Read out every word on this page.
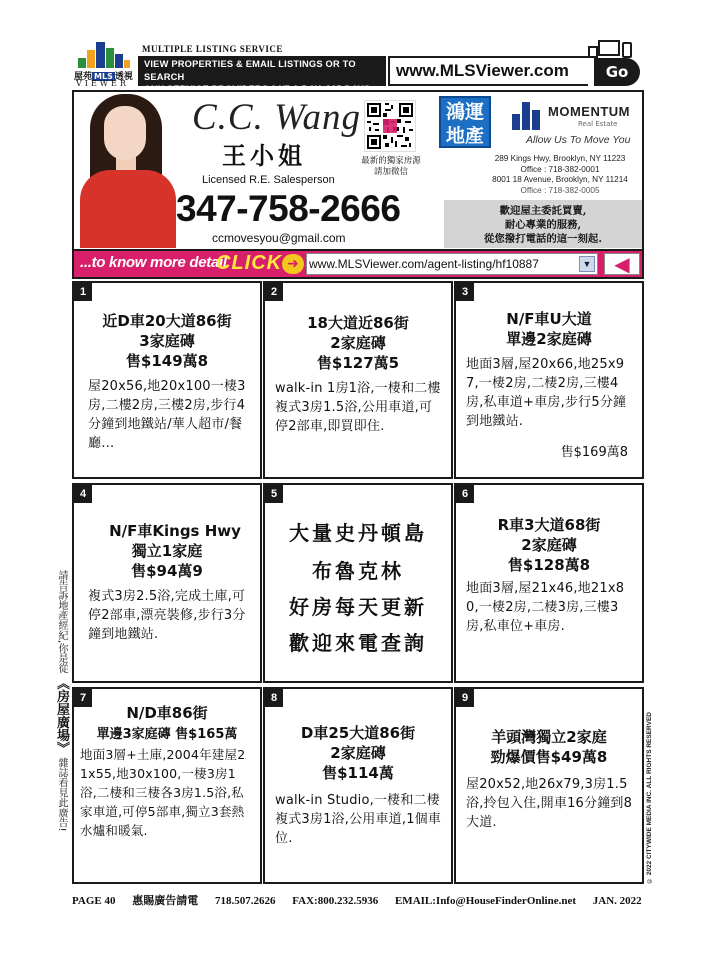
屋苑 MLS 透視
VIEWER
MULTIPLE LISTING SERVICE
VIEW PROPERTIES & EMAIL LISTINGS OR TO SEARCH
ANY SERVICE PROVIDERS 24/7 A DAY, 365 DAYS
www.MLSViewer.com	Go
C.C. Wang
王小姐
Licensed R.E. Salesperson
347-758-2666
ccmovesyou@gmail.com
最新的獨家房源
請加微信
鴻運
地產
MOMENTUM
Real Estate
Allow Us To Move You
289 Kings Hwy, Brooklyn, NY 11223
Office : 718-382-0001
8001 18 Avenue, Brooklyn, NY 11214
Office : 718-382-0005
歡迎屋主委託買賣,
耐心專業的服務,
從您撥打電話的這一刻起.
...to know more detail
CLICK ➜ www.MLSViewer.com/agent-listing/hf10887	▼	◀
1
近D車20大道86街
3家庭磚
售$149萬8
屋20x56,地20x100一棲3房,二樓2房,三樓2房,步行4分鐘到地鐵站/華人超市/餐廳…
2
18大道近86街
2家庭磚
售$127萬5
walk-in 1房1浴,一棲和二樓複式3房1.5浴,公用車道,可停2部車,即買即住.
3
N/F車U大道
單邊2家庭磚
地面3層,屋20x66,地25x97,一棲2房,二棲2房,三樓4房,私車道+車房,步行5分鐘到地鐵站.
售$169萬8
4
N/F車Kings Hwy
獨立1家庭
售$94萬9
複式3房2.5浴,完成土庫,可停2部車,漂亮裝修,步行3分鐘到地鐵站.
5
大量史丹頓島
布魯克林
好房每天更新
歡迎來電查詢
6
R車3大道68街
2家庭磚
售$128萬8
地面3層,屋21x46,地21x80,一棲2房,二棲3房,三樓3房,私車位+車房.
7
N/D車86街
單邊3家庭磚 售$165萬
地面3層+土庫,2004年建屋21x55,地30x100,一棲3房1浴,二棲和三棲各3房1.5浴,私家車道,可停5部車,獨立3套熱水爐和暖氣.
8
D車25大道86街
2家庭磚
售$114萬
walk-in Studio,一棲和二棲複式3房1浴,公用車道,1個車位.
9
羊頭灣獨立2家庭
勁爆價售$49萬8
屋20x52,地26x79,3房1.5浴,拎包入住,開車16分鐘到8大道.
請告訴地產經紀,你是從 《房屋廣場》 雜誌看見此廣告!	© 2022 CITYWIDE MEDIA INC. ALL RIGHTS RESERVED
PAGE 40 惠賜廣告請電 718.507.2626 FAX:800.232.5936 EMAIL:Info@HouseFinderOnline.net JAN. 2022
